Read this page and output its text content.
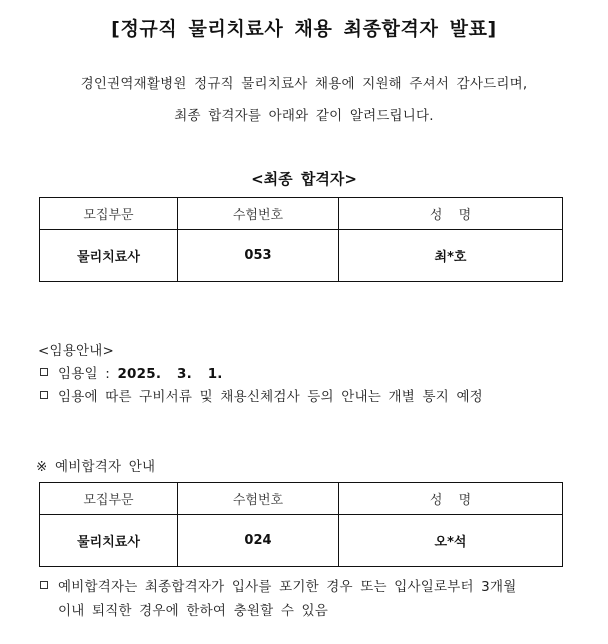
[정규직 물리치료사 채용 최종합격자 발표]
경인권역재활병원 정규직 물리치료사 채용에 지원해 주셔서 감사드리며,
최종 합격자를 아래와 같이 알려드립니다.
<최종 합격자>
모집부문	수험번호	성 명
물리치료사	053	최*호
<임용안내>
임용일 : 2025.  3.  1.
임용에 따른 구비서류 및 채용신체검사 등의 안내는 개별 통지 예정
※ 예비합격자 안내
모집부문	수험번호	성 명
물리치료사	024	오*석
예비합격자는 최종합격자가 입사를 포기한 경우 또는 입사일로부터 3개월
이내 퇴직한 경우에 한하여 충원할 수 있음
